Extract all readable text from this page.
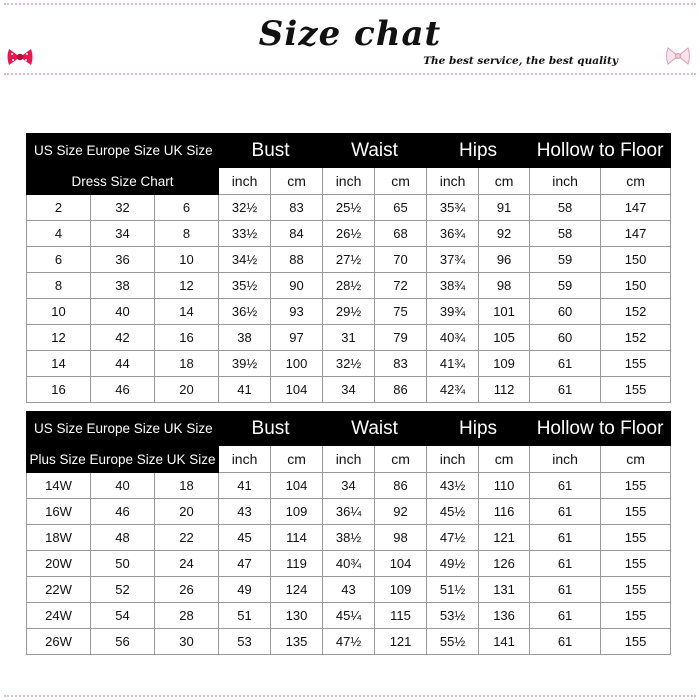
Size chat
The best service, the best quality
US Size Europe Size UK Size			Bust		Waist		Hips		Hollow to Floor	
Dress Size Chart			inch	cm	inch	cm	inch	cm	inch	cm
2	32	6	32½	83	25½	65	35¾	91	58	147
4	34	8	33½	84	26½	68	36¾	92	58	147
6	36	10	34½	88	27½	70	37¾	96	59	150
8	38	12	35½	90	28½	72	38¾	98	59	150
10	40	14	36½	93	29½	75	39¾	101	60	152
12	42	16	38	97	31	79	40¾	105	60	152
14	44	18	39½	100	32½	83	41¾	109	61	155
16	46	20	41	104	34	86	42¾	112	61	155
US Size Europe Size UK Size			Bust		Waist		Hips		Hollow to Floor	
Plus Size Europe Size UK Size			inch	cm	inch	cm	inch	cm	inch	cm
14W	40	18	41	104	34	86	43½	110	61	155
16W	46	20	43	109	36¼	92	45½	116	61	155
18W	48	22	45	114	38½	98	47½	121	61	155
20W	50	24	47	119	40¾	104	49½	126	61	155
22W	52	26	49	124	43	109	51½	131	61	155
24W	54	28	51	130	45¼	115	53½	136	61	155
26W	56	30	53	135	47½	121	55½	141	61	155
